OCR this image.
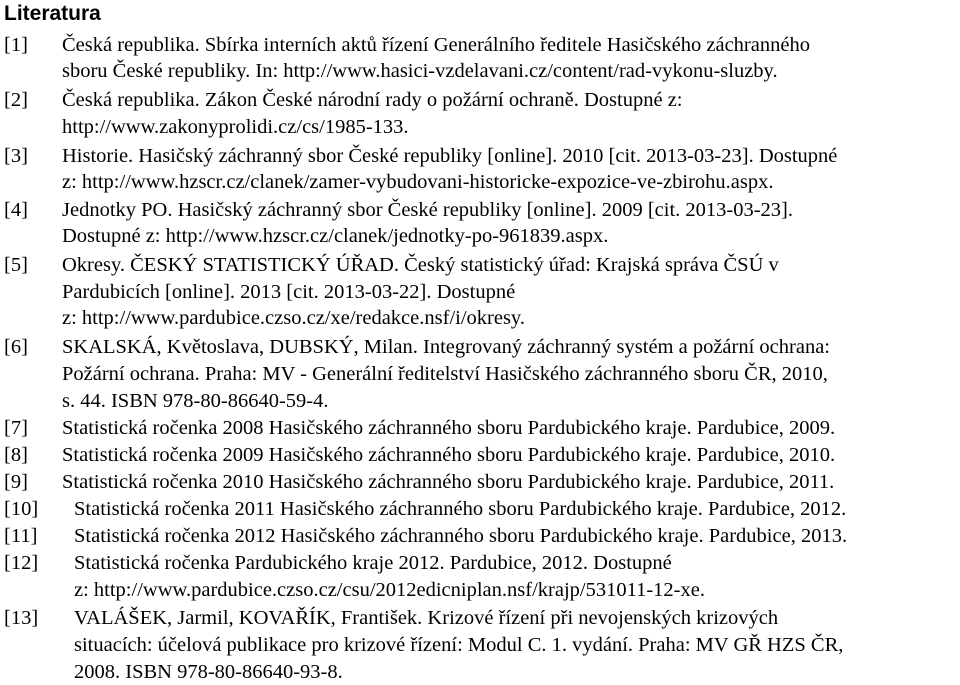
Literatura
[1] Česká republika. Sbírka interních aktů řízení Generálního ředitele Hasičského záchranného
sboru České republiky. In: http://www.hasici-vzdelavani.cz/content/rad-vykonu-sluzby.
[2] Česká republika. Zákon České národní rady o požární ochraně. Dostupné z:
http://www.zakonyprolidi.cz/cs/1985-133.
[3] Historie. Hasičský záchranný sbor České republiky [online]. 2010 [cit. 2013-03-23]. Dostupné
z: http://www.hzscr.cz/clanek/zamer-vybudovani-historicke-expozice-ve-zbirohu.aspx.
[4] Jednotky PO. Hasičský záchranný sbor České republiky [online]. 2009 [cit. 2013-03-23].
Dostupné z: http://www.hzscr.cz/clanek/jednotky-po-961839.aspx.
[5] Okresy. ČESKÝ STATISTICKÝ ÚŘAD. Český statistický úřad: Krajská správa ČSÚ v
Pardubicích [online]. 2013 [cit. 2013-03-22]. Dostupné
z: http://www.pardubice.czso.cz/xe/redakce.nsf/i/okresy.
[6] SKALSKÁ, Květoslava, DUBSKÝ, Milan. Integrovaný záchranný systém a požární ochrana:
Požární ochrana. Praha: MV - Generální ředitelství Hasičského záchranného sboru ČR, 2010,
s. 44. ISBN 978-80-86640-59-4.
[7] Statistická ročenka 2008 Hasičského záchranného sboru Pardubického kraje. Pardubice, 2009.
[8] Statistická ročenka 2009 Hasičského záchranného sboru Pardubického kraje. Pardubice, 2010.
[9] Statistická ročenka 2010 Hasičského záchranného sboru Pardubického kraje. Pardubice, 2011.
[10] Statistická ročenka 2011 Hasičského záchranného sboru Pardubického kraje. Pardubice, 2012.
[11] Statistická ročenka 2012 Hasičského záchranného sboru Pardubického kraje. Pardubice, 2013.
[12] Statistická ročenka Pardubického kraje 2012. Pardubice, 2012. Dostupné
z: http://www.pardubice.czso.cz/csu/2012edicniplan.nsf/krajp/531011-12-xe.
[13] VALÁŠEK, Jarmil, KOVAŘÍK, František. Krizové řízení při nevojenských krizových
situacích: účelová publikace pro krizové řízení: Modul C. 1. vydání. Praha: MV GŘ HZS ČR,
2008. ISBN 978-80-86640-93-8.
